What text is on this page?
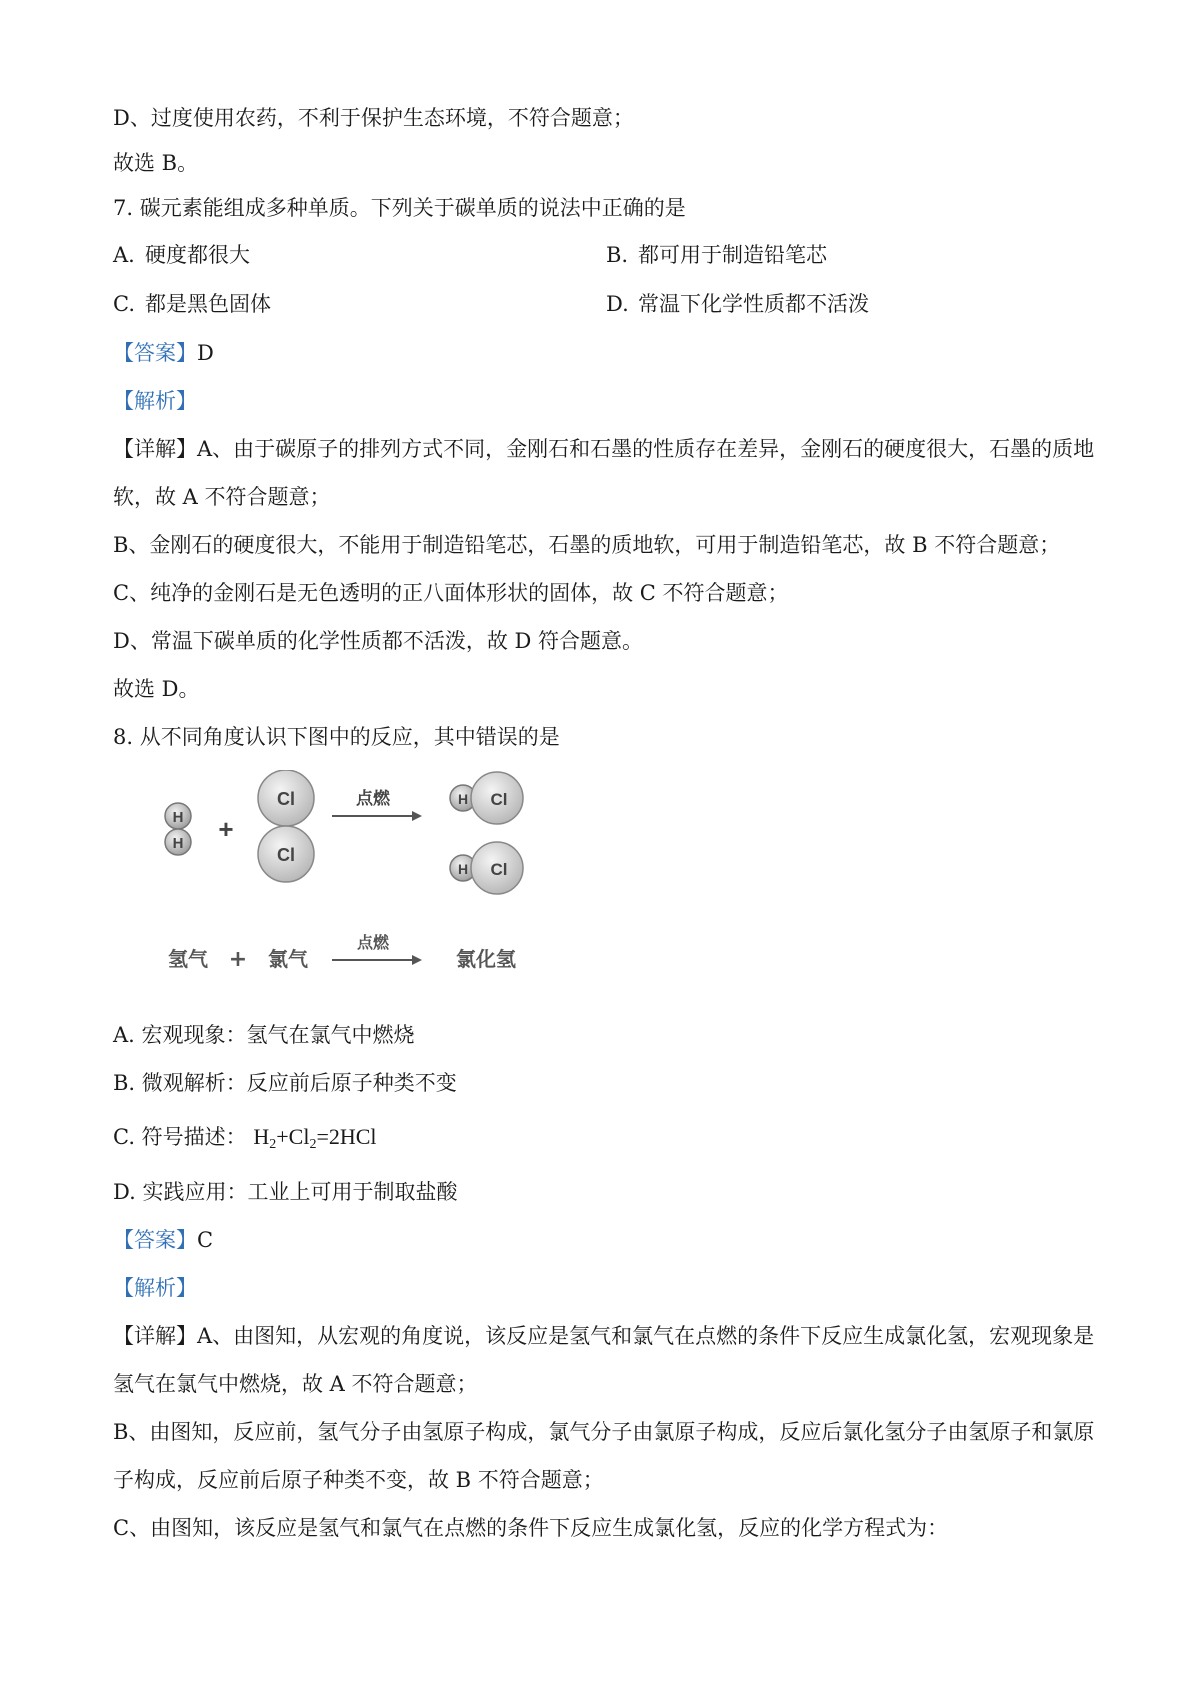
D、过度使用农药，不利于保护生态环境，不符合题意；
故选 B。
7. 碳元素能组成多种单质。下列关于碳单质的说法中正确的是
A. 硬度都很大	B. 都可用于制造铅笔芯
C. 都是黑色固体	D. 常温下化学性质都不活泼
【答案】D
【解析】
【详解】A、由于碳原子的排列方式不同，金刚石和石墨的性质存在差异，金刚石的硬度很大，石墨的质地
软，故 A 不符合题意；
B、金刚石的硬度很大，不能用于制造铅笔芯，石墨的质地软，可用于制造铅笔芯，故 B 不符合题意；
C、纯净的金刚石是无色透明的正八面体形状的固体，故 C 不符合题意；
D、常温下碳单质的化学性质都不活泼，故 D 符合题意。
故选 D。
8. 从不同角度认识下图中的反应，其中错误的是
H
H +
Cl
Cl
点燃	H Cl
H Cl
氢气 + 氯气
点燃
氯化氢
A. 宏观现象：氢气在氯气中燃烧
B. 微观解析：反应前后原子种类不变
C. 符号描述： $H_2+Cl_2=2HCl$
D. 实践应用：工业上可用于制取盐酸
【答案】C
【解析】
【详解】A、由图知，从宏观的角度说，该反应是氢气和氯气在点燃的条件下反应生成氯化氢，宏观现象是
氢气在氯气中燃烧，故 A 不符合题意；
B、由图知，反应前，氢气分子由氢原子构成，氯气分子由氯原子构成，反应后氯化氢分子由氢原子和氯原
子构成，反应前后原子种类不变，故 B 不符合题意；
C、由图知，该反应是氢气和氯气在点燃的条件下反应生成氯化氢，反应的化学方程式为：
